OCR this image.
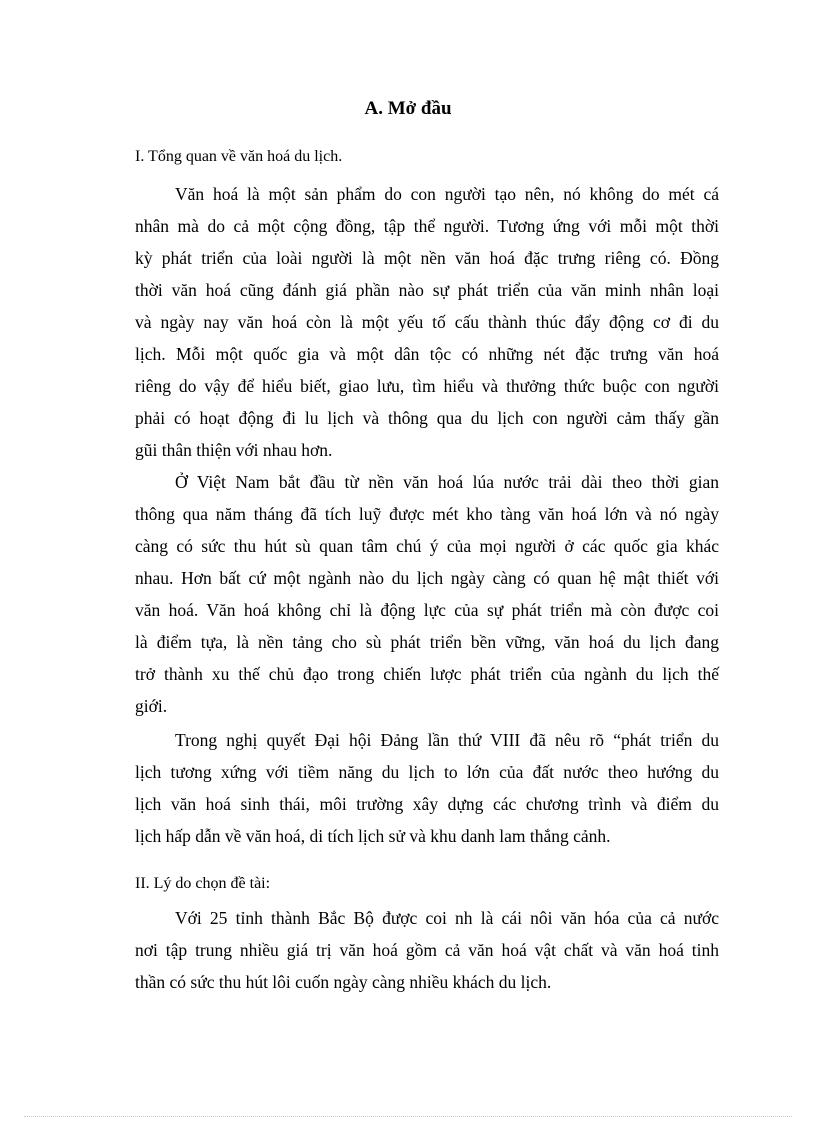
A. Mở đầu
I. Tổng quan về văn hoá du lịch.
Văn hoá là một sản phẩm do con người tạo nên, nó không do mét cá
nhân mà do cả một cộng đồng, tập thể người. Tương ứng với mỗi một thời
kỳ phát triển của loài người là một nền văn hoá đặc trưng riêng có. Đồng
thời văn hoá cũng đánh giá phần nào sự phát triển của văn minh nhân loại
và ngày nay văn hoá còn là một yếu tố cấu thành thúc đẩy động cơ đi du
lịch. Mỗi một quốc gia và một dân tộc có những nét đặc trưng văn hoá
riêng do vậy để hiểu biết, giao lưu, tìm hiểu và thưởng thức buộc con người
phải có hoạt động đi lu lịch và thông qua du lịch con người cảm thấy gần
gũi thân thiện với nhau hơn.
Ở Việt Nam bắt đầu từ nền văn hoá lúa nước trải dài theo thời gian
thông qua năm tháng đã tích luỹ được mét kho tàng văn hoá lớn và nó ngày
càng có sức thu hút sù quan tâm chú ý của mọi người ở các quốc gia khác
nhau. Hơn bất cứ một ngành nào du lịch ngày càng có quan hệ mật thiết với
văn hoá. Văn hoá không chỉ là động lực của sự phát triển mà còn được coi
là điểm tựa, là nền tảng cho sù phát triển bền vững, văn hoá du lịch đang
trở thành xu thế chủ đạo trong chiến lược phát triển của ngành du lịch thế
giới.
Trong nghị quyết Đại hội Đảng lần thứ VIII đã nêu rõ “phát triển du
lịch tương xứng với tiềm năng du lịch to lớn của đất nước theo hướng du
lịch văn hoá sinh thái, môi trường xây dựng các chương trình và điểm du
lịch hấp dẫn về văn hoá, di tích lịch sử và khu danh lam thắng cảnh.
II. Lý do chọn đề tài:
Với 25 tỉnh thành Bắc Bộ được coi nh là cái nôi văn hóa của cả nước
nơi tập trung nhiều giá trị văn hoá gồm cả văn hoá vật chất và văn hoá tinh
thần có sức thu hút lôi cuốn ngày càng nhiều khách du lịch.
